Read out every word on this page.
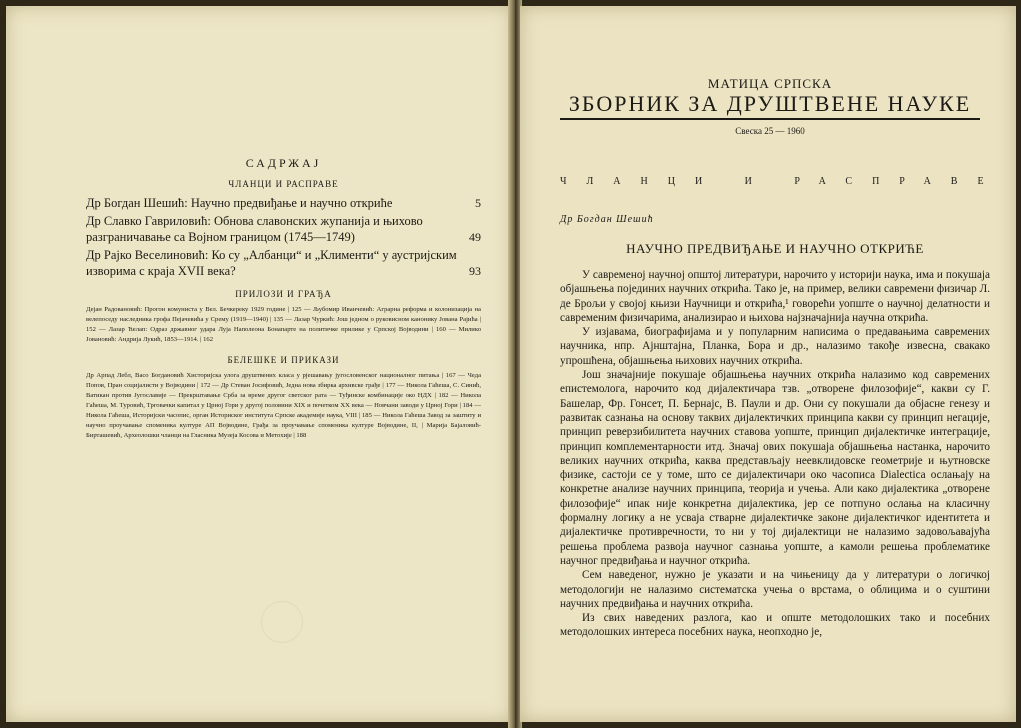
САДРЖАЈ
ЧЛАНЦИ И РАСПРАВЕ
Др Богдан Шешић: Научно предвиђање и научно открићe	5
Др Славко Гавриловић: Обнова славонских жупанија и њихово разграничавање са Војном границом (1745—1749)	49
Др Рајко Веселиновић: Ко су „Албанци“ и „Клименти“ у аустријским изворима с краја XVII века?	93
ПРИЛОЗИ И ГРАЂА
Дејан Радовановић: Прогон комуниста у Вел. Бечкереку 1929 године | 125 — Љубомир Иванчевић: Аграрна реформа и колонизација на велепоседу наследника грофа Пејачевића у Срему (1919—1940) | 135 — Лазар Чуркић: Још једном о руковисном канонику Јована Рајића | 152 — Лазар Ћелап: Одраз државног удара Луја Наполеона Бонапарте на политичке прилике у Српској Војводини | 160 — Милико Јовановић: Андрија Лукић, 1853—1914. | 162
БЕЛЕШКЕ И ПРИКАЗИ
Др Арпад Лебл, Васо Богдановић Хисторијска улога друштвених класа у рјешавању југословенског националног питања | 167 — Чеда Попов, Пран социјалисти у Војводини | 172 — Др Стеван Јосифовић, Једна нова збирка архивске грађе | 177 — Никола Гаћеша, С. Синић, Ватикан против Југославије — Прекрштавање Срба за време другог светског рата — Туђинске комбинације око НДХ | 182 — Никола Гаћеша, М. Туровић, Трговачки капитал у Црној Гори у другој половини XIX и почетком XX века — Новчани заводи у Црној Гори | 184 — Никола Гаћеша, Историјски часопис, орган Историског института Српске академије наука, VIII | 185 — Никола Гаћеша Завод за заштиту и научно проучавање споменика културе АП Војводине, Грађа за проучавање споменика културе Војводине, II, | Марија Бајаловић-Бирташевић, Археолошки чланци на Гласника Музеја Косова и Метохије | 188
МАТИЦА СРПСКА
ЗБОРНИК ЗА ДРУШТВЕНЕ НАУКЕ
Свеска 25 — 1960
ЧЛАНЦИ И РАСПРАВЕ
Др Богдан Шешић
НАУЧНО ПРЕДВИЂАЊЕ И НАУЧНО ОТКРИЋЕ

У савременој научној општој литератури, нарочито у историји наука, има и покушаја објашњења појединих научних открића. Тако је, на пример, велики савремени физичар Л. де Брољи у својој књизи Научници и открића,¹ говорећи уопште о научној делатности и савременим физичарима, анализирао и њихова најзначајнија научна открића.

У изјавама, биографијама и у популарним написима о предавањима савремених научника, нпр. Ајнштајна, Планка, Бора и др., налазимо такође извесна, свакако упрошћена, објашњења њихових научних открића.

Још значајније покушаје објашњења научних открића налазимо код савремених епистемолога, нарочито код дијалектичара тзв. „отворене филозофије“, какви су Г. Башелар, Фр. Гонсет, П. Бернајс, В. Паули и др. Они су покушали да објасне генезу и развитак сазнања на основу таквих дијалектичких принципа какви су принцип негације, принцип реверзибилитета научних ставова уопште, принцип дијалектичке интеграције, принцип комплементарности итд. Значај ових покушаја објашњења настанка, нарочито великих научних открића, каква представљају неевклидовске геометрије и њутновске физике, састоји се у томе, што се дијалектичари око часописа Dialectica ослањају на конкретне анализе научних принципа, теорија и учења. Али како дијалектика „отворене филозофије“ ипак није конкретна дијалектика, јер се потпуно ослања на класичну формалну логику а не усваја стварне дијалектичке законе дијалектичког идентитета и дијалектичке противречности, то ни у тој дијалектици не налазимо задовољавајућа решења проблема развоја научног сазнања уопште, а камоли решења проблематике научног предвиђања и научног открића.

Сем наведеног, нужно је указати и на чињеницу да у литератури о логичкој методологији не налазимо систематска учења о врстама, о облицима и о суштини научних предвиђања и научних открића.

Из свих наведених разлога, као и опште методолошких тако и посебних методолошких интереса посебних наука, неопходно је,
